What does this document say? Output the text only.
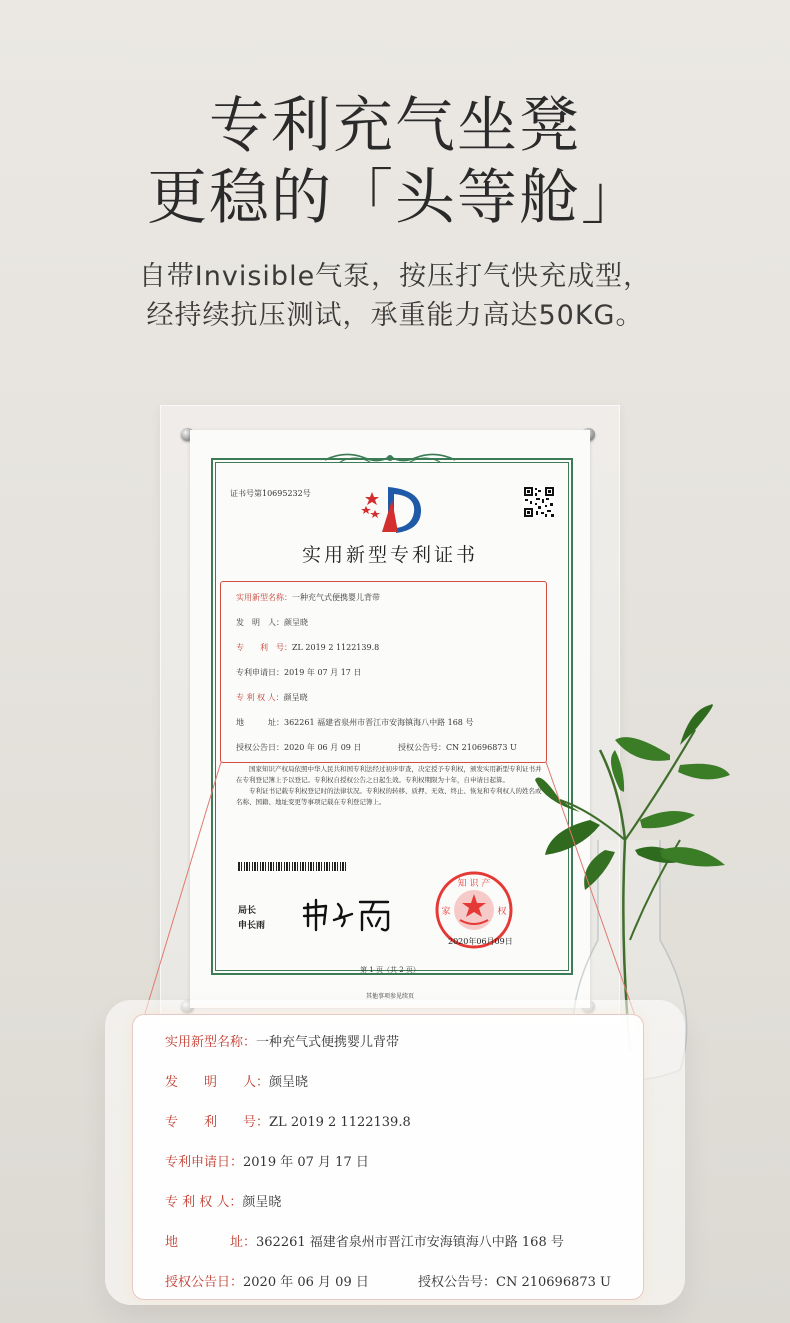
专利充气坐凳
更稳的「头等舱」
自带Invisible气泵，按压打气快充成型，
经持续抗压测试，承重能力高达50KG。
证书号第10695232号
实用新型专利证书
实用新型名称：一种充气式便携婴儿背带
发　明　人：颜呈晓
专　　利　号：ZL 2019 2 1122139.8
专利申请日：2019 年 07 月 17 日
专 利 权 人：颜呈晓
地　　　址：362261 福建省泉州市晋江市安海镇海八中路 168 号
授权公告日：2020 年 06 月 09 日	授权公告号：CN 210696873 U

国家知识产权局依照中华人民共和国专利法经过初步审查，决定授予专利权，颁发实用新型专利证书并在专利登记簿上予以登记。专利权自授权公告之日起生效。专利权期限为十年，自申请日起算。

专利证书记载专利权登记时的法律状况。专利权的转移、质押、无效、终止、恢复和专利权人的姓名或名称、国籍、地址变更等事项记载在专利登记簿上。

局长
申长雨
知 识 产
家	权
2020年06月09日
第 1 页（共 2 页）
其他事项参见续页
实用新型名称：一种充气式便携婴儿背带
发　　明　　人：颜呈晓
专　　利　　号：ZL 2019 2 1122139.8
专利申请日：2019 年 07 月 17 日
专 利 权 人：颜呈晓
地　　　　址：362261 福建省泉州市晋江市安海镇海八中路 168 号
授权公告日：2020 年 06 月 09 日	授权公告号：CN 210696873 U
